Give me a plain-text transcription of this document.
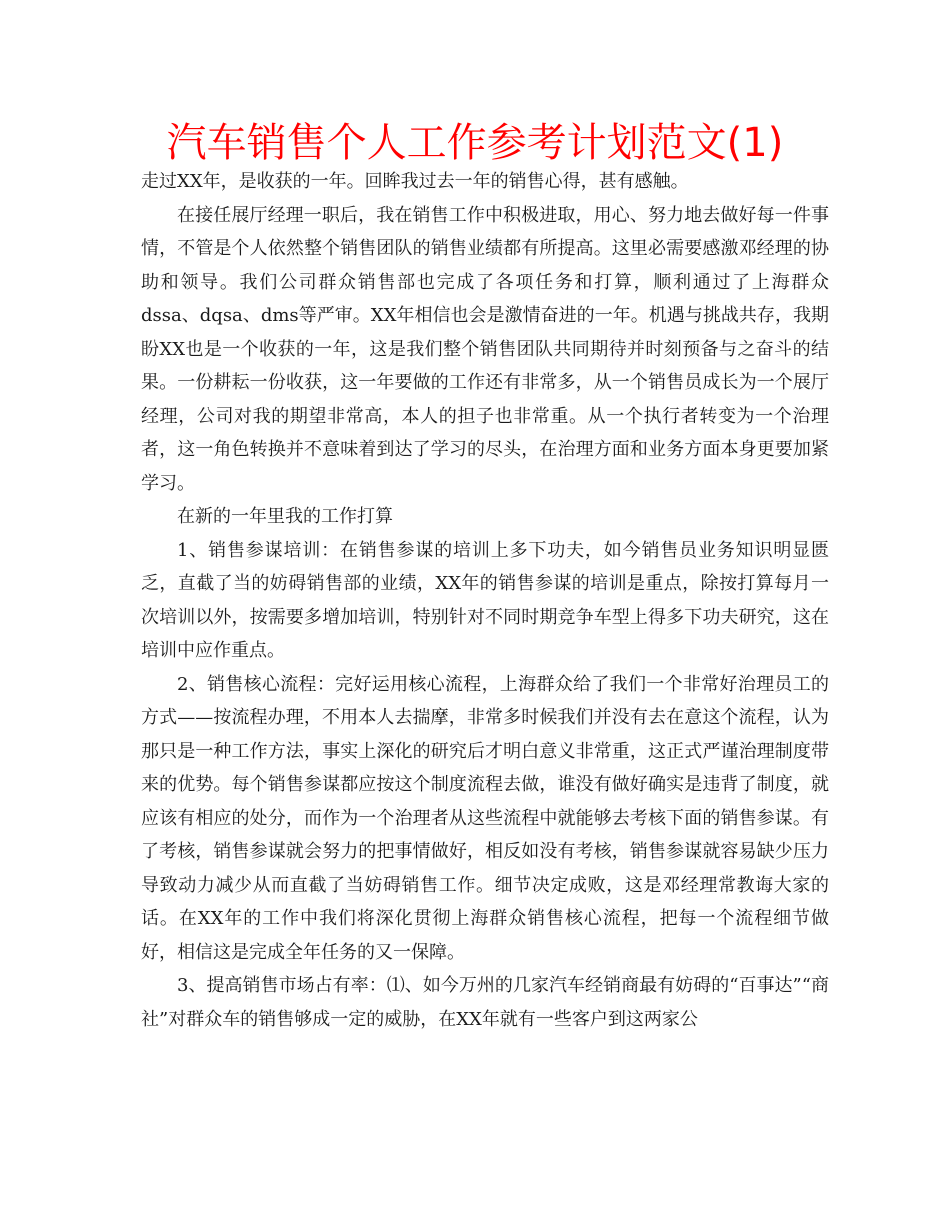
汽车销售个人工作参考计划范文(1)

走过XX年，是收获的一年。回眸我过去一年的销售心得，甚有感触。

在接任展厅经理一职后，我在销售工作中积极进取，用心、努力地去做好每一件事情，不管是个人依然整个销售团队的销售业绩都有所提高。这里必需要感激邓经理的协助和领导。我们公司群众销售部也完成了各项任务和打算，顺利通过了上海群众dssa、dqsa、dms等严审。XX年相信也会是激情奋进的一年。机遇与挑战共存，我期盼XX也是一个收获的一年，这是我们整个销售团队共同期待并时刻预备与之奋斗的结果。一份耕耘一份收获，这一年要做的工作还有非常多，从一个销售员成长为一个展厅经理，公司对我的期望非常高，本人的担子也非常重。从一个执行者转变为一个治理者，这一角色转换并不意味着到达了学习的尽头，在治理方面和业务方面本身更要加紧学习。

在新的一年里我的工作打算

1、销售参谋培训：在销售参谋的培训上多下功夫，如今销售员业务知识明显匮乏，直截了当的妨碍销售部的业绩，XX年的销售参谋的培训是重点，除按打算每月一次培训以外，按需要多增加培训，特别针对不同时期竞争车型上得多下功夫研究，这在培训中应作重点。

2、销售核心流程：完好运用核心流程，上海群众给了我们一个非常好治理员工的方式——按流程办理，不用本人去揣摩，非常多时候我们并没有去在意这个流程，认为那只是一种工作方法，事实上深化的研究后才明白意义非常重，这正式严谨治理制度带来的优势。每个销售参谋都应按这个制度流程去做，谁没有做好确实是违背了制度，就应该有相应的处分，而作为一个治理者从这些流程中就能够去考核下面的销售参谋。有了考核，销售参谋就会努力的把事情做好，相反如没有考核，销售参谋就容易缺少压力导致动力减少从而直截了当妨碍销售工作。细节决定成败，这是邓经理常教诲大家的话。在XX年的工作中我们将深化贯彻上海群众销售核心流程，把每一个流程细节做好，相信这是完成全年任务的又一保障。

3、提高销售市场占有率：⑴、如今万州的几家汽车经销商最有妨碍的“百事达”“商社”对群众车的销售够成一定的威胁，在XX年就有一些客户到这两家公
